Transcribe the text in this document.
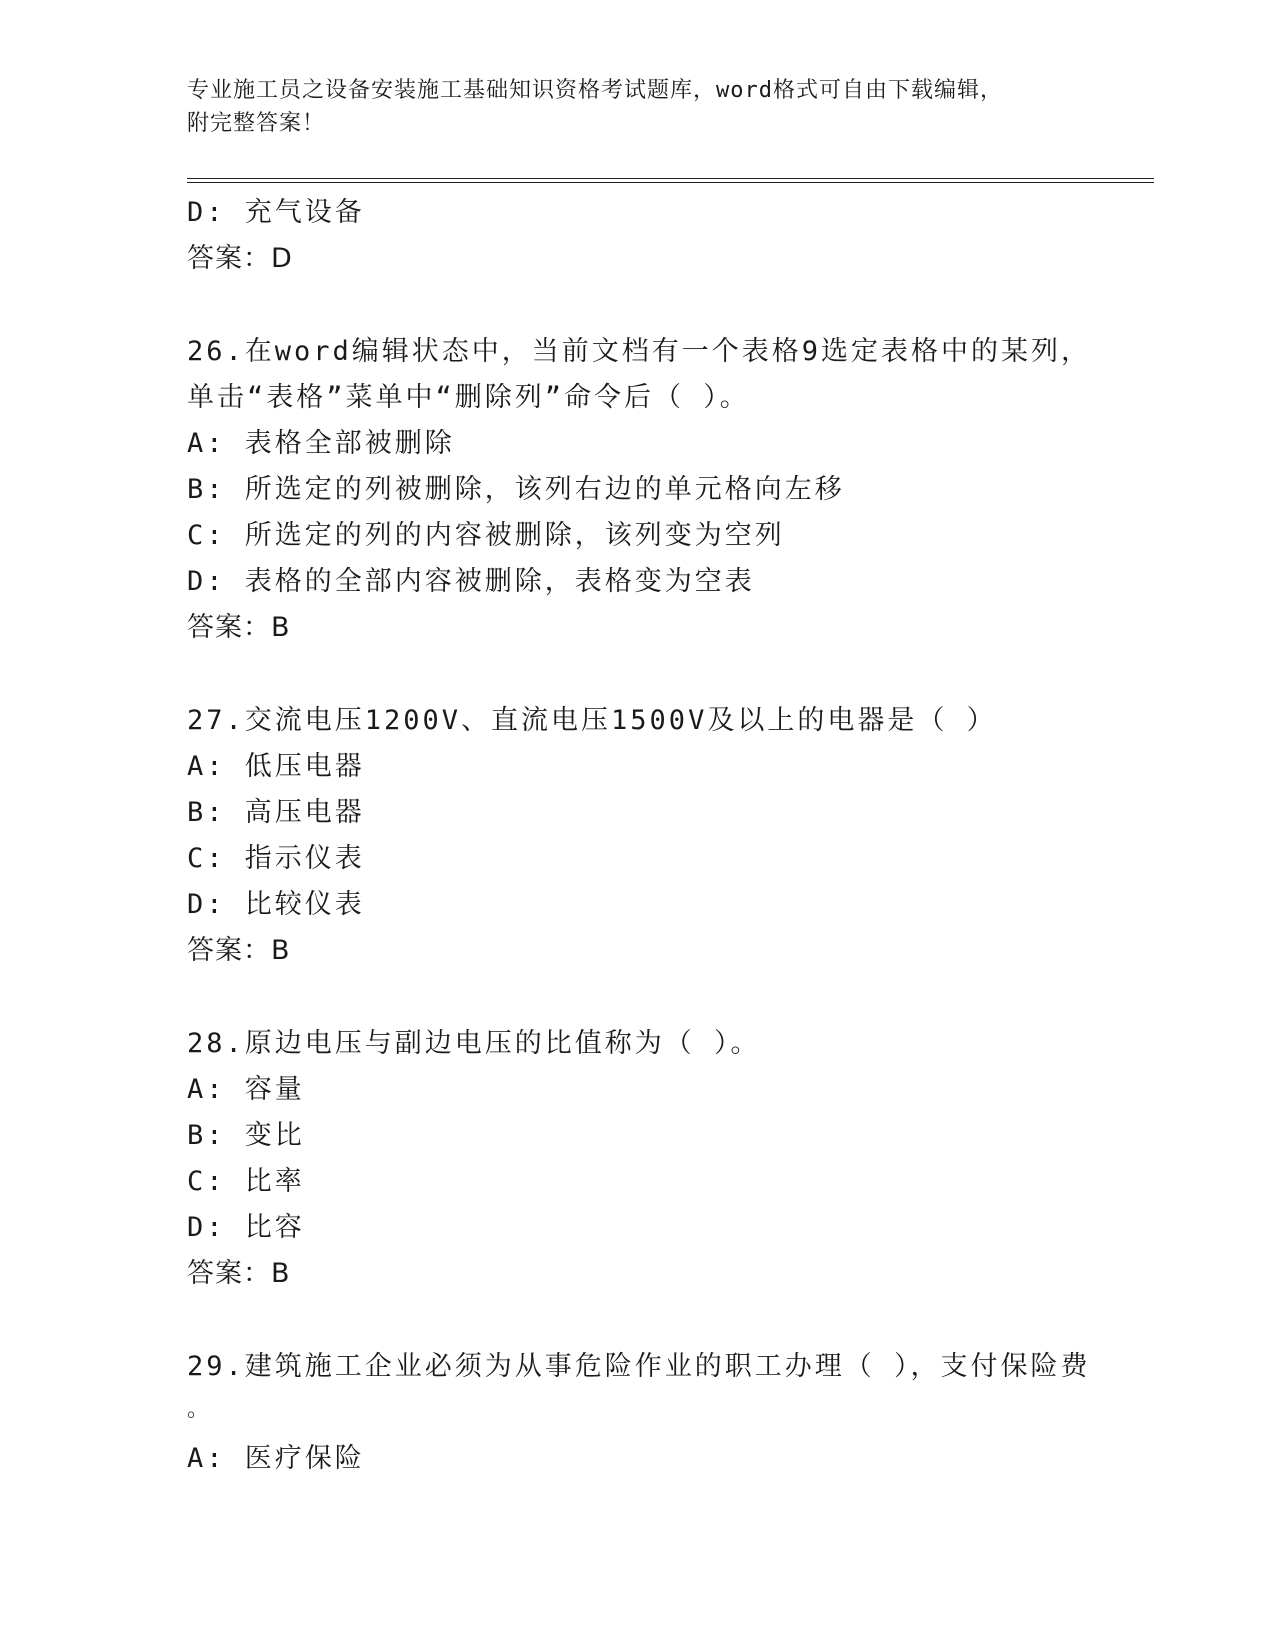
专业施工员之设备安装施工基础知识资格考试题库，word格式可自由下载编辑，
附完整答案！
D: 充气设备
答案：D
26.在word编辑状态中，当前文档有一个表格9选定表格中的某列，
单击“表格”菜单中“删除列”命令后（ ）。
A: 表格全部被删除
B: 所选定的列被删除，该列右边的单元格向左移
C: 所选定的列的内容被删除，该列变为空列
D: 表格的全部内容被删除，表格变为空表
答案：B
27.交流电压1200V、直流电压1500V及以上的电器是（ ）
A: 低压电器
B: 高压电器
C: 指示仪表
D: 比较仪表
答案：B
28.原边电压与副边电压的比值称为（ ）。
A: 容量
B: 变比
C: 比率
D: 比容
答案：B
29.建筑施工企业必须为从事危险作业的职工办理（ ），支付保险费
。
A: 医疗保险
